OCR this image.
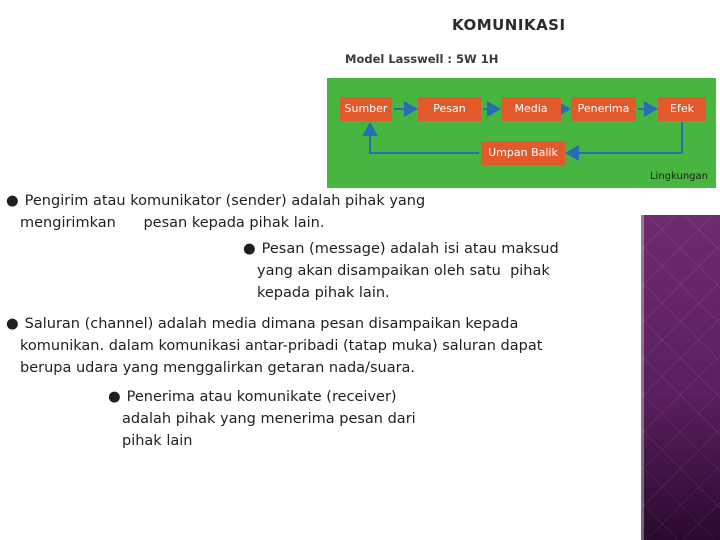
KOMUNIKASI
Model Lasswell : 5W 1H
Sumber	Pesan	Media	Penerima	Efek
Umpan Balik
Lingkungan
● Pengirim atau komunikator (sender) adalah pihak yang
mengirimkan      pesan kepada pihak lain.
● Pesan (message) adalah isi atau maksud
yang akan disampaikan oleh satu  pihak
kepada pihak lain.
● Saluran (channel) adalah media dimana pesan disampaikan kepada
komunikan. dalam komunikasi antar-pribadi (tatap muka) saluran dapat
berupa udara yang menggalirkan getaran nada/suara.
● Penerima atau komunikate (receiver)
adalah pihak yang menerima pesan dari
pihak lain
